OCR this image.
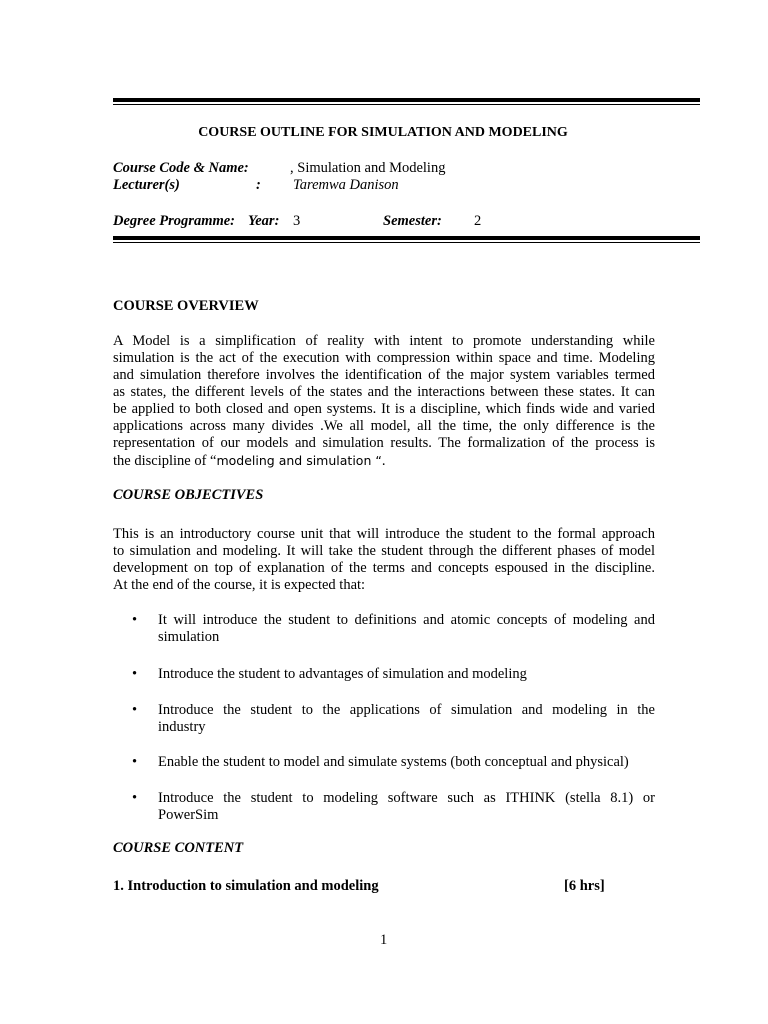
COURSE OUTLINE FOR SIMULATION AND MODELING
Course Code & Name:	, Simulation and Modeling
Lecturer(s)	: Taremwa Danison
Degree Programme: Year: 3	Semester: 2
COURSE OVERVIEW
A Model is a simplification of reality with intent to promote understanding while
simulation is the act of the execution with compression within space and time. Modeling
and simulation therefore involves the identification of the major system variables termed
as states, the different levels of the states and the interactions between these states. It can
be applied to both closed and open systems. It is a discipline, which finds wide and varied
applications across many divides .We all model, all the time, the only difference is the
representation of our models and simulation results. The formalization of the process is
the discipline of “modeling and simulation “.
COURSE OBJECTIVES
This is an introductory course unit that will introduce the student to the formal approach
to simulation and modeling. It will take the student through the different phases of model
development on top of explanation of the terms and concepts espoused in the discipline.
At the end of the course, it is expected that:
•	It will introduce the student to definitions and atomic concepts of modeling and
simulation
•	Introduce the student to advantages of simulation and modeling
•	Introduce the student to the applications of simulation and modeling in the
industry
•	Enable the student to model and simulate systems (both conceptual and physical)
•	Introduce the student to modeling software such as ITHINK (stella 8.1) or
PowerSim
COURSE CONTENT
1. Introduction to simulation and modeling	[6 hrs]
1
